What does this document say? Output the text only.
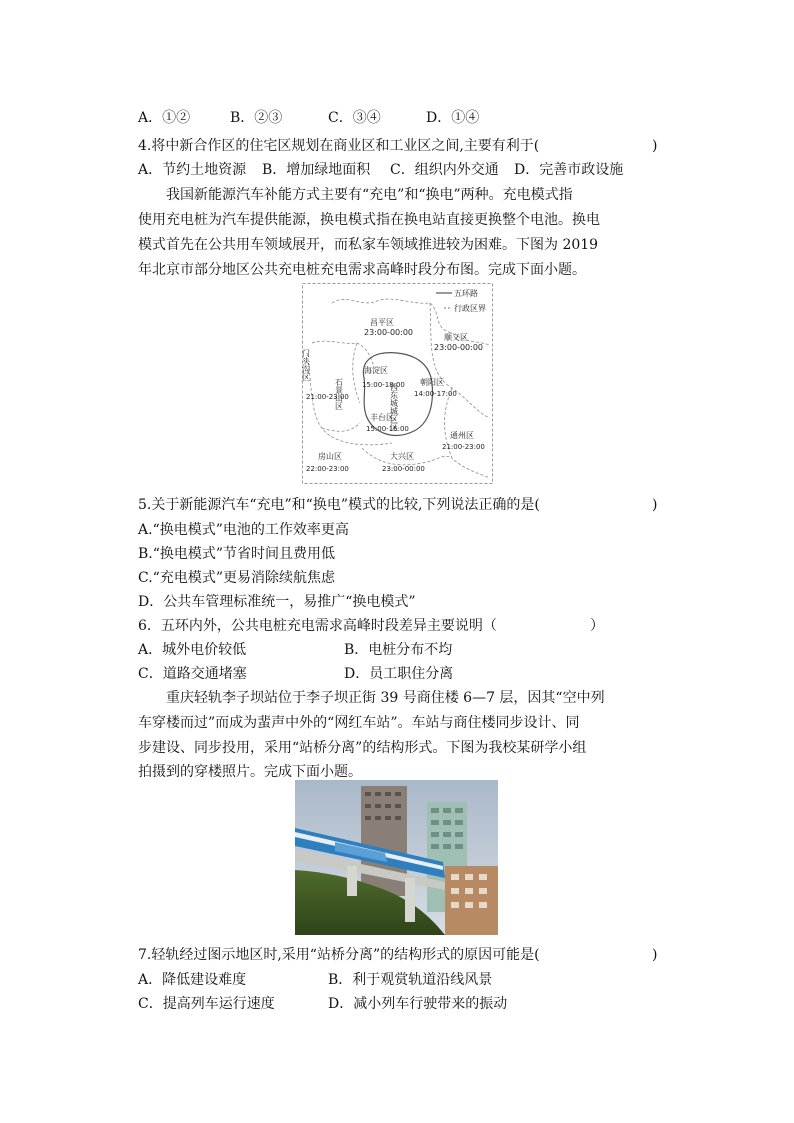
A．①②	B．②③	C．③④	D．①④
4.将中新合作区的住宅区规划在商业区和工业区之间,主要有利于(	)
A．节约土地资源 B．增加绿地面积 C．组织内外交通 D．完善市政设施
我国新能源汽车补能方式主要有“充电”和“换电”两种。充电模式指
使用充电桩为汽车提供能源，换电模式指在换电站直接更换整个电池。换电
模式首先在公共用车领域展开，而私家车领域推进较为困难。下图为 2019
年北京市部分地区公共充电桩充电需求高峰时段分布图。完成下面小题。
五环路
行政区界
昌平区
23:00-00:00
顺义区
23:00-00:00
门头沟区
21:00-23:00
石景山区
海淀区
15:00-18:00
西东城城区区
朝阳区
14:00-17:00
丰台区
15:00-16:00
通州区
21:00-23:00
房山区
22:00-23:00
大兴区
23:00-00:00
5.关于新能源汽车“充电”和“换电”模式的比较,下列说法正确的是(	)
A.“换电模式”电池的工作效率更高
B.“换电模式”节省时间且费用低
C.“充电模式”更易消除续航焦虑
D．公共车管理标准统一，易推广“换电模式”
6．五环内外，公共电桩充电需求高峰时段差异主要说明（	）
A．城外电价较低	B．电桩分布不均
C．道路交通堵塞	D．员工职住分离
重庆轻轨李子坝站位于李子坝正街 39 号商住楼 6—7 层，因其“空中列
车穿楼而过”而成为蜚声中外的“网红车站”。车站与商住楼同步设计、同
步建设、同步投用，采用“站桥分离”的结构形式。下图为我校某研学小组
拍摄到的穿楼照片。完成下面小题。
7.轻轨经过图示地区时,采用“站桥分离”的结构形式的原因可能是(	)
A．降低建设难度	B．利于观赏轨道沿线风景
C．提高列车运行速度	D．减小列车行驶带来的振动
